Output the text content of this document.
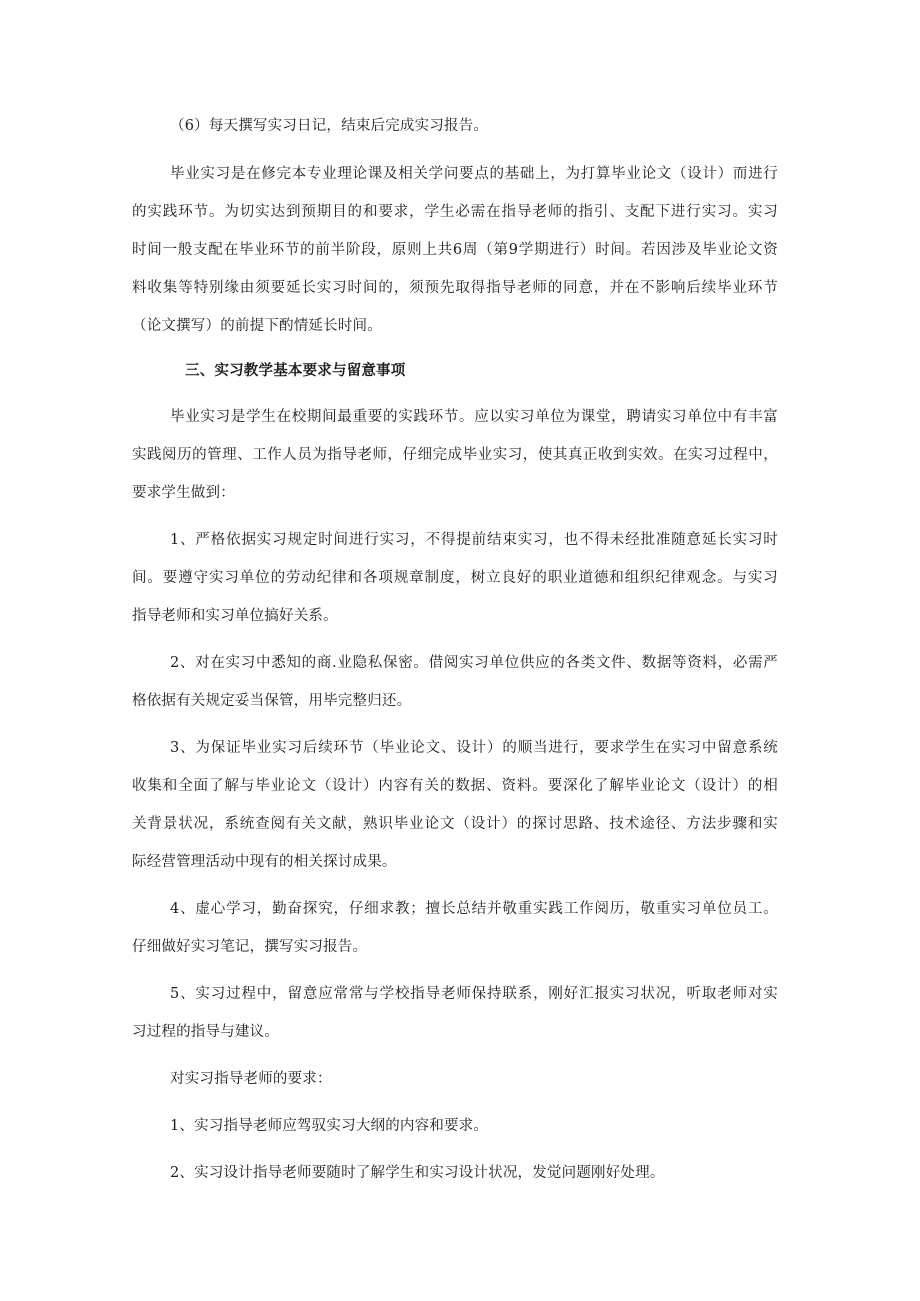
（6）每天撰写实习日记，结束后完成实习报告。
毕业实习是在修完本专业理论课及相关学问要点的基础上，为打算毕业论文（设计）而进行
的实践环节。为切实达到预期目的和要求，学生必需在指导老师的指引、支配下进行实习。实习
时间一般支配在毕业环节的前半阶段，原则上共6周（第9学期进行）时间。若因涉及毕业论文资
料收集等特别缘由须要延长实习时间的，须预先取得指导老师的同意，并在不影响后续毕业环节
（论文撰写）的前提下酌情延长时间。
三、实习教学基本要求与留意事项
毕业实习是学生在校期间最重要的实践环节。应以实习单位为课堂，聘请实习单位中有丰富
实践阅历的管理、工作人员为指导老师，仔细完成毕业实习，使其真正收到实效。在实习过程中，
要求学生做到：
1、严格依据实习规定时间进行实习，不得提前结束实习，也不得未经批准随意延长实习时
间。要遵守实习单位的劳动纪律和各项规章制度，树立良好的职业道德和组织纪律观念。与实习
指导老师和实习单位搞好关系。
2、对在实习中悉知的商.业隐私保密。借阅实习单位供应的各类文件、数据等资料，必需严
格依据有关规定妥当保管，用毕完整归还。
3、为保证毕业实习后续环节（毕业论文、设计）的顺当进行，要求学生在实习中留意系统
收集和全面了解与毕业论文（设计）内容有关的数据、资料。要深化了解毕业论文（设计）的相
关背景状况，系统查阅有关文献，熟识毕业论文（设计）的探讨思路、技术途径、方法步骤和实
际经营管理活动中现有的相关探讨成果。
4、虚心学习，勤奋探究，仔细求教；擅长总结并敬重实践工作阅历，敬重实习单位员工。
仔细做好实习笔记，撰写实习报告。
5、实习过程中，留意应常常与学校指导老师保持联系，刚好汇报实习状况，听取老师对实
习过程的指导与建议。
对实习指导老师的要求：
1、实习指导老师应驾驭实习大纲的内容和要求。
2、实习设计指导老师要随时了解学生和实习设计状况，发觉问题刚好处理。
